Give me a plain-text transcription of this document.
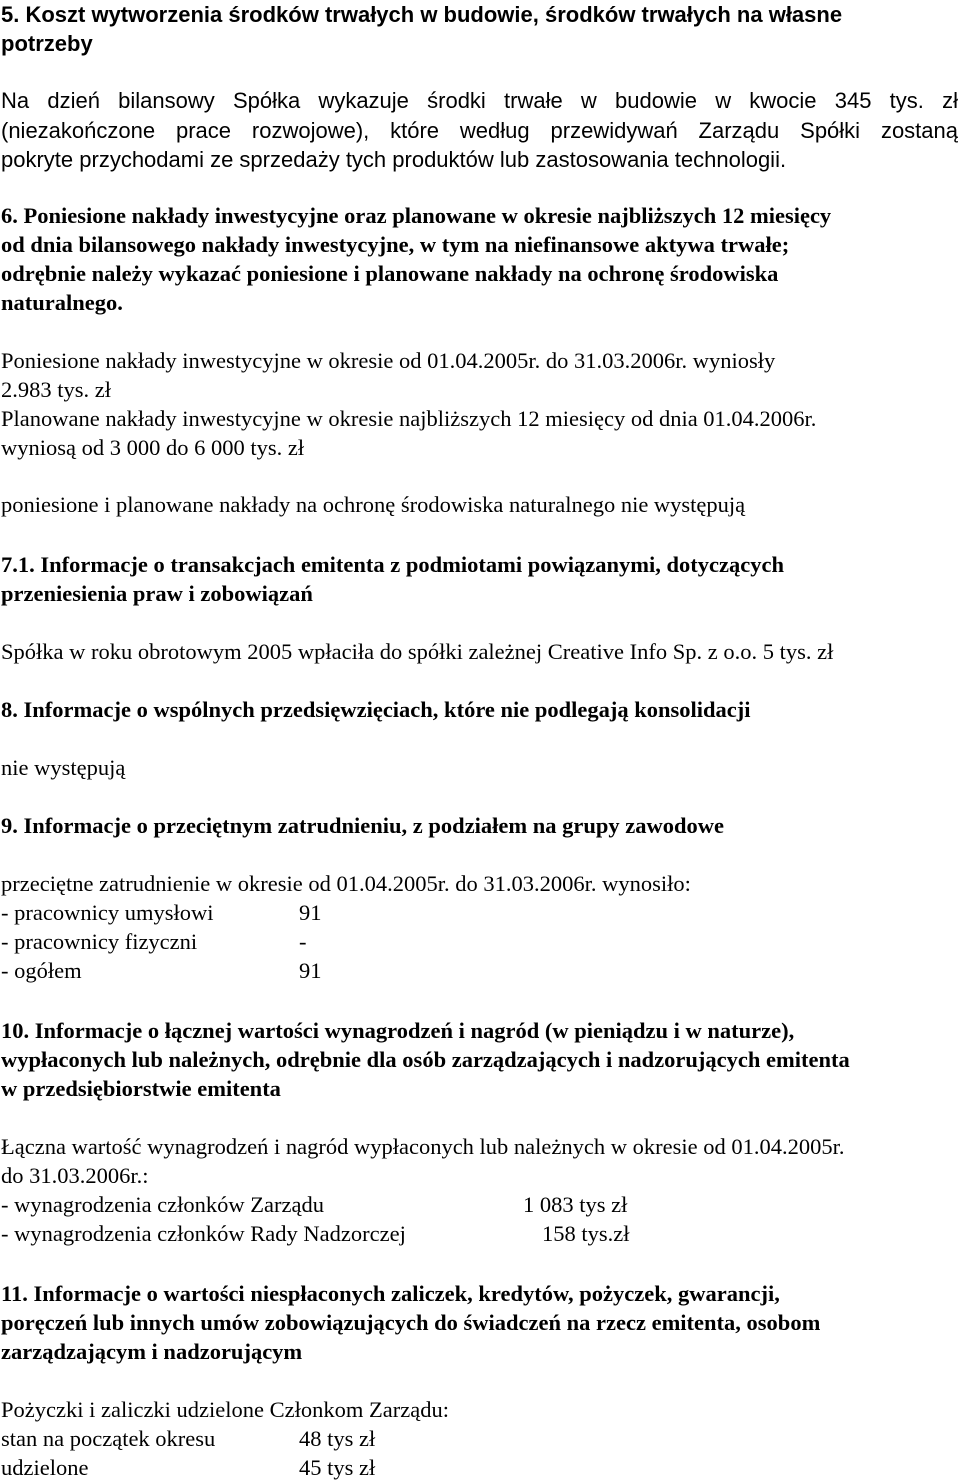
5. Koszt wytworzenia środków trwałych w budowie, środków trwałych na własne
potrzeby
Na dzień bilansowy Spółka wykazuje środki trwałe w budowie w kwocie 345 tys. zł
(niezakończone prace rozwojowe), które według przewidywań Zarządu Spółki zostaną
pokryte przychodami ze sprzedaży tych produktów lub zastosowania technologii.
6. Poniesione nakłady inwestycyjne oraz planowane w okresie najbliższych 12 miesięcy
od dnia bilansowego nakłady inwestycyjne, w tym na niefinansowe aktywa trwałe;
odrębnie należy wykazać poniesione i planowane nakłady na ochronę środowiska
naturalnego.
Poniesione nakłady inwestycyjne w okresie od 01.04.2005r. do 31.03.2006r. wyniosły
2.983 tys. zł
Planowane nakłady inwestycyjne w okresie najbliższych 12 miesięcy od dnia 01.04.2006r.
wyniosą od 3 000 do 6 000 tys. zł
poniesione i planowane nakłady na ochronę środowiska naturalnego nie występują
7.1. Informacje o transakcjach emitenta z podmiotami powiązanymi, dotyczących
przeniesienia praw i zobowiązań
Spółka w roku obrotowym 2005 wpłaciła do spółki zależnej Creative Info Sp. z o.o. 5 tys. zł
8. Informacje o wspólnych przedsięwzięciach, które nie podlegają konsolidacji
nie występują
9. Informacje o przeciętnym zatrudnieniu, z podziałem na grupy zawodowe
przeciętne zatrudnienie w okresie od 01.04.2005r. do 31.03.2006r. wynosiło:
- pracownicy umysłowi	91
- pracownicy fizyczni	-
- ogółem	91
10. Informacje o łącznej wartości wynagrodzeń i nagród (w pieniądzu i w naturze),
wypłaconych lub należnych, odrębnie dla osób zarządzających i nadzorujących emitenta
w przedsiębiorstwie emitenta
Łączna wartość wynagrodzeń i nagród wypłaconych lub należnych w okresie od 01.04.2005r.
do 31.03.2006r.:
- wynagrodzenia członków Zarządu	1 083 tys zł
- wynagrodzenia członków Rady Nadzorczej	158 tys.zł
11. Informacje o wartości niespłaconych zaliczek, kredytów, pożyczek, gwarancji,
poręczeń lub innych umów zobowiązujących do świadczeń na rzecz emitenta, osobom
zarządzającym i nadzorującym
Pożyczki i zaliczki udzielone Członkom Zarządu:
stan na początek okresu	48 tys zł
udzielone	45 tys zł
